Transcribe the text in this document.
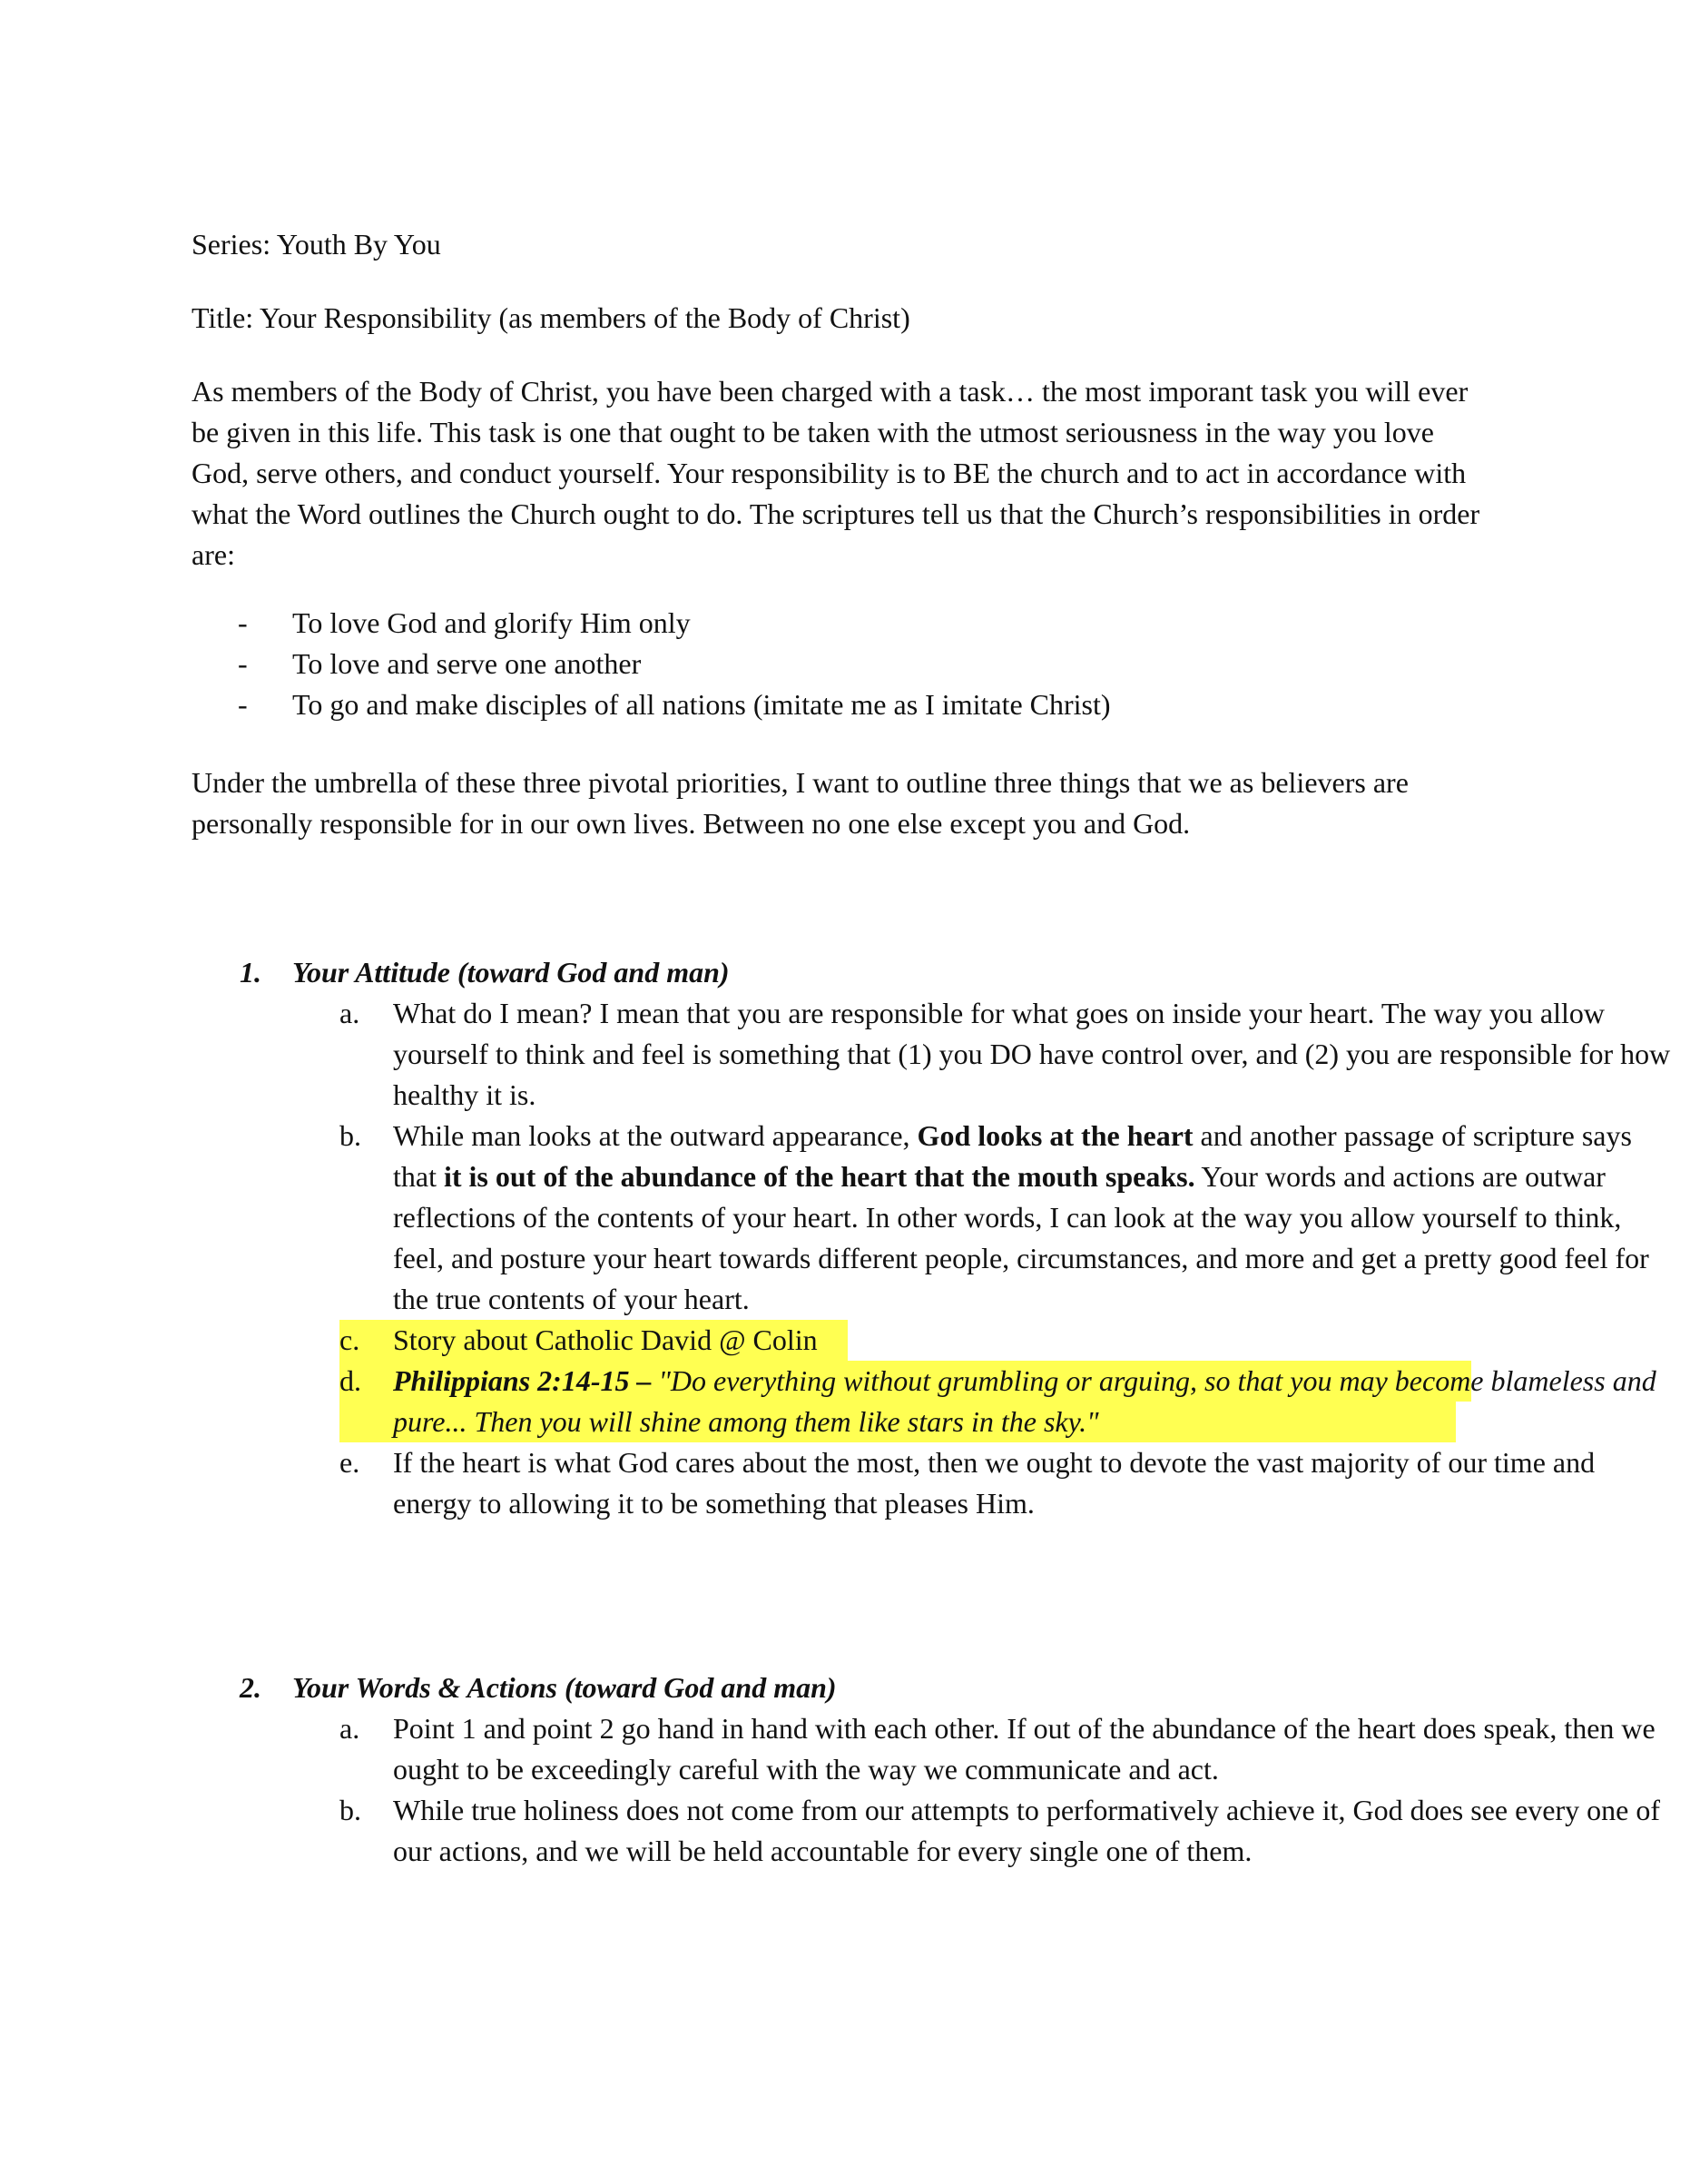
Series: Youth By You

Title: Your Responsibility (as members of the Body of Christ)

As members of the Body of Christ, you have been charged with a task… the most imporant task you will ever be given in this life. This task is one that ought to be taken with the utmost seriousness in the way you love God, serve others, and conduct yourself. Your responsibility is to BE the church and to act in accordance with what the Word outlines the Church ought to do. The scriptures tell us that the Church’s responsibilities in order are:

- To love God and glorify Him only
- To love and serve one another
- To go and make disciples of all nations (imitate me as I imitate Christ)

Under the umbrella of these three pivotal priorities, I want to outline three things that we as believers are personally responsible for in our own lives. Between no one else except you and God.

1. Your Attitude (toward God and man)
a. What do I mean? I mean that you are responsible for what goes on inside your heart. The way you allow yourself to think and feel is something that (1) you DO have control over, and (2) you are responsible for how healthy it is.
b. While man looks at the outward appearance, God looks at the heart and another passage of scripture says that it is out of the abundance of the heart that the mouth speaks. Your words and actions are outwar reflections of the contents of your heart. In other words, I can look at the way you allow yourself to think, feel, and posture your heart towards different people, circumstances, and more and get a pretty good feel for the true contents of your heart.
c. Story about Catholic David @ Colin
d. Philippians 2:14-15 – "Do everything without grumbling or arguing, so that you may become blameless and pure... Then you will shine among them like stars in the sky."
e. If the heart is what God cares about the most, then we ought to devote the vast majority of our time and energy to allowing it to be something that pleases Him.
2. Your Words & Actions (toward God and man)
a. Point 1 and point 2 go hand in hand with each other. If out of the abundance of the heart does speak, then we ought to be exceedingly careful with the way we communicate and act.
b. While true holiness does not come from our attempts to performatively achieve it, God does see every one of our actions, and we will be held accountable for every single one of them.
